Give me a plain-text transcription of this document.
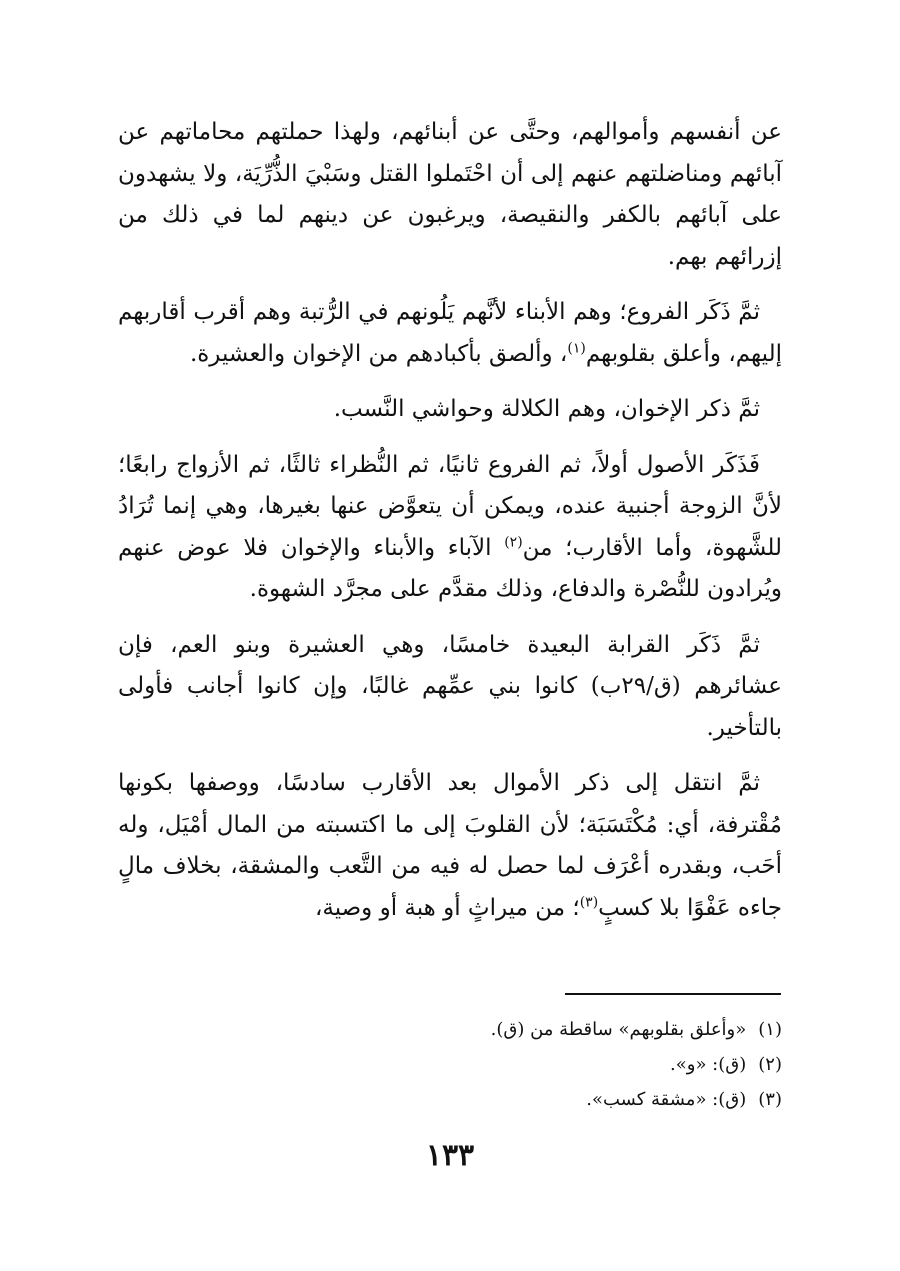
عن أنفسهم وأموالهم، وحتَّى عن أبنائهم، ولهذا حملتهم محاماتهم عن آبائهم ومناضلتهم عنهم إلى أن احْتَملوا القتل وسَبْيَ الذُّرِّيَة، ولا يشهدون على آبائهم بالكفر والنقيصة، ويرغبون عن دينهم لما في ذلك من إزرائهم بهم.

ثمَّ ذَكَر الفروع؛ وهم الأبناء لأنَّهم يَلُونهم في الرُّتبة وهم أقرب أقاربهم إليهم، وأعلق بقلوبهم$^{(١)}$، وألصق بأكبادهم من الإخوان والعشيرة.

ثمَّ ذكر الإخوان، وهم الكلالة وحواشي النَّسب.

فَذَكَر الأصول أولاً، ثم الفروع ثانيًا، ثم النُّظراء ثالثًا، ثم الأزواج رابعًا؛ لأنَّ الزوجة أجنبية عنده، ويمكن أن يتعوَّض عنها بغيرها، وهي إنما تُرَادُ للشَّهوة، وأما الأقارب؛ من$^{(٢)}$ الآباء والأبناء والإخوان فلا عوض عنهم ويُرادون للنُّصْرة والدفاع، وذلك مقدَّم على مجرَّد الشهوة.

ثمَّ ذَكَر القرابة البعيدة خامسًا، وهي العشيرة وبنو العم، فإن عشائرهم (ق/٢٩ب) كانوا بني عمِّهم غالبًا، وإن كانوا أجانب فأولى بالتأخير.

ثمَّ انتقل إلى ذكر الأموال بعد الأقارب سادسًا، ووصفها بكونها مُقْترفة، أي: مُكْتَسَبَة؛ لأن القلوبَ إلى ما اكتسبته من المال أمْيَل، وله أحَب، وبقدره أعْرَف لما حصل له فيه من التَّعب والمشقة، بخلاف مالٍ جاءه عَفْوًا بلا كسبٍ$^{(٣)}$؛ من ميراثٍ أو هبة أو وصية،

(١)«وأعلق بقلوبهم» ساقطة من (ق).
(٢)(ق): «و».
(٣)(ق): «مشقة كسب».
١٣٣
